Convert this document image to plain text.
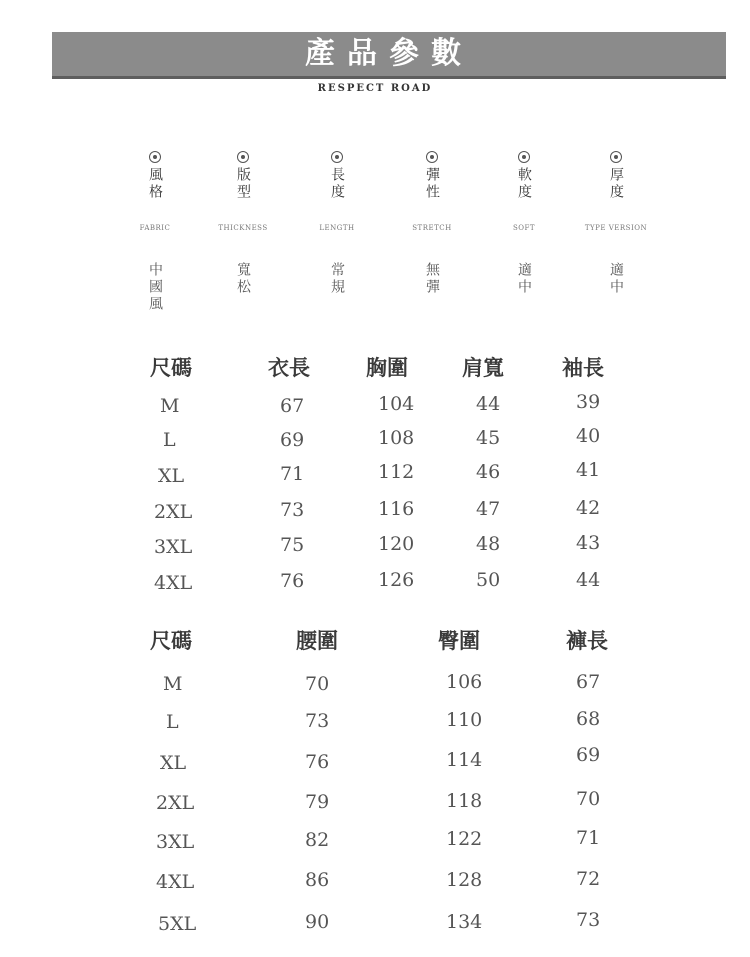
產品參數
RESPECT ROAD

風格	版型	長度	彈性	軟度	厚度
FABRIC	THICKNESS	LENGTH	STRETCH	SOFT	TYPE VERSION
中國風	寬松	常規	無彈	適中	適中
尺碼	衣長	胸圍	肩寬	袖長
M	67	104	44	39
L	69	108	45	40
XL	71	112	46	41
2XL	73	116	47	42
3XL	75	120	48	43
4XL	76	126	50	44
尺碼	腰圍	臀圍	褲長
M	70	106	67
L	73	110	68
XL	76	114	69
2XL	79	118	70
3XL	82	122	71
4XL	86	128	72
5XL	90	134	73
